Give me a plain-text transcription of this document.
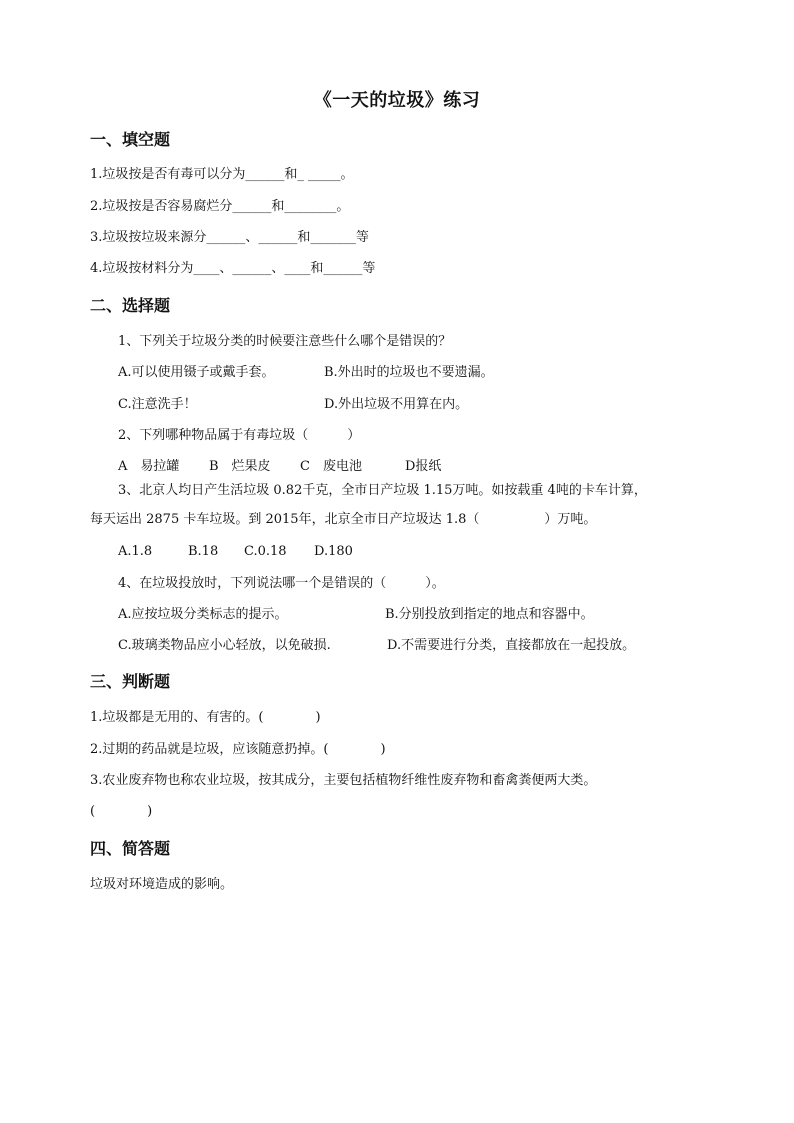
《一天的垃圾》练习
一、填空题
1.垃圾按是否有毒可以分为______和_ _____。
2.垃圾按是否容易腐烂分______和________。
3.垃圾按垃圾来源分______、______和_______等
4.垃圾按材料分为____、______、____和______等
二、选择题
1、下列关于垃圾分类的时候要注意些什么哪个是错误的？
A.可以使用镊子或戴手套。	B.外出时的垃圾也不要遗漏。
C.注意洗手！	D.外出垃圾不用算在内。
2、下列哪种物品属于有毒垃圾（　　　）
A　易拉罐 B　烂果皮 C　废电池	D报纸
3、北京人均日产生活垃圾 0.82千克，全市日产垃圾 1.15万吨。如按载重 4吨的卡车计算，
每天运出 2875 卡车垃圾。到 2015年，北京全市日产垃圾达 1.8（　　　　　）万吨。
A.1.8	B.18 C.0.18 D.180
4、在垃圾投放时，下列说法哪一个是错误的（　　　）。
A.应按垃圾分类标志的提示。	B.分别投放到指定的地点和容器中。
C.玻璃类物品应小心轻放，以免破损.	D.不需要进行分类，直接都放在一起投放。
三、判断题
1.垃圾都是无用的、有害的。(　　　　)
2.过期的药品就是垃圾，应该随意扔掉。(　　　　)
3.农业废弃物也称农业垃圾，按其成分，主要包括植物纤维性废弃物和畜禽粪便两大类。
(　　　　)
四、简答题
垃圾对环境造成的影响。
